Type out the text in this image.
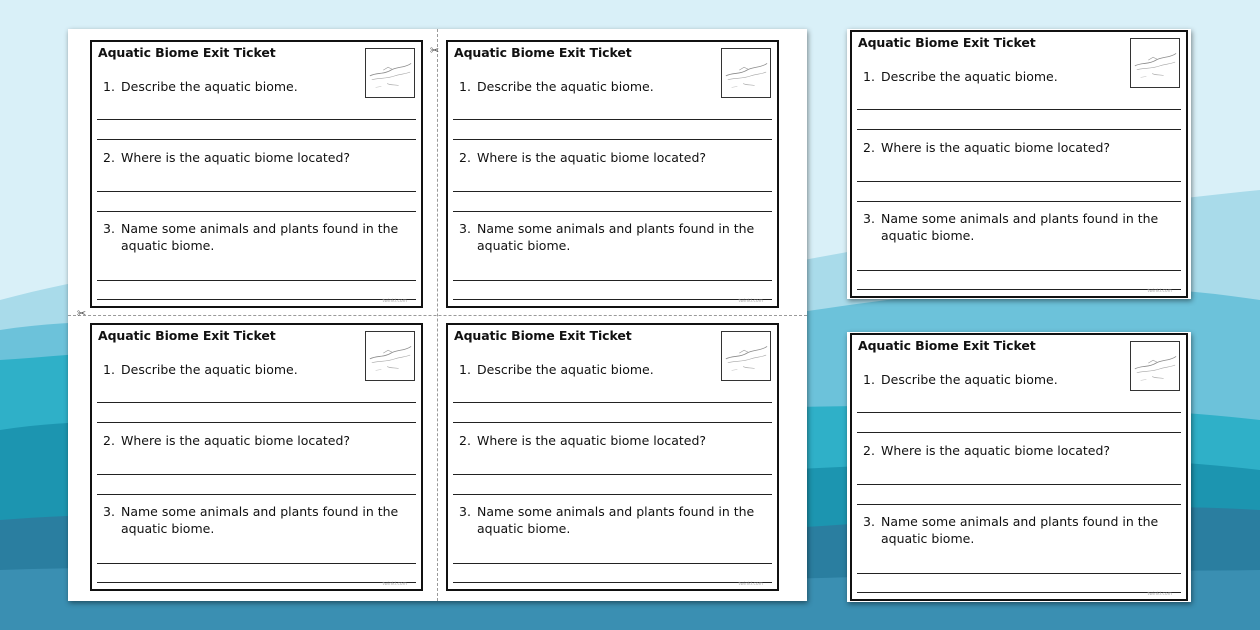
✂
✂
Aquatic Biome Exit Ticket
1. Describe the aquatic biome.
2. Where is the aquatic biome located?
3. Name some animals and plants found in the
aquatic biome.
twinkl.com
Aquatic Biome Exit Ticket
1. Describe the aquatic biome.
2. Where is the aquatic biome located?
3. Name some animals and plants found in the
aquatic biome.
twinkl.com
Aquatic Biome Exit Ticket
1. Describe the aquatic biome.
2. Where is the aquatic biome located?
3. Name some animals and plants found in the
aquatic biome.
twinkl.com
Aquatic Biome Exit Ticket
1. Describe the aquatic biome.
2. Where is the aquatic biome located?
3. Name some animals and plants found in the
aquatic biome.
twinkl.com
Aquatic Biome Exit Ticket
1. Describe the aquatic biome.
2. Where is the aquatic biome located?
3. Name some animals and plants found in the
aquatic biome.
twinkl.com
Aquatic Biome Exit Ticket
1. Describe the aquatic biome.
2. Where is the aquatic biome located?
3. Name some animals and plants found in the
aquatic biome.
twinkl.com
